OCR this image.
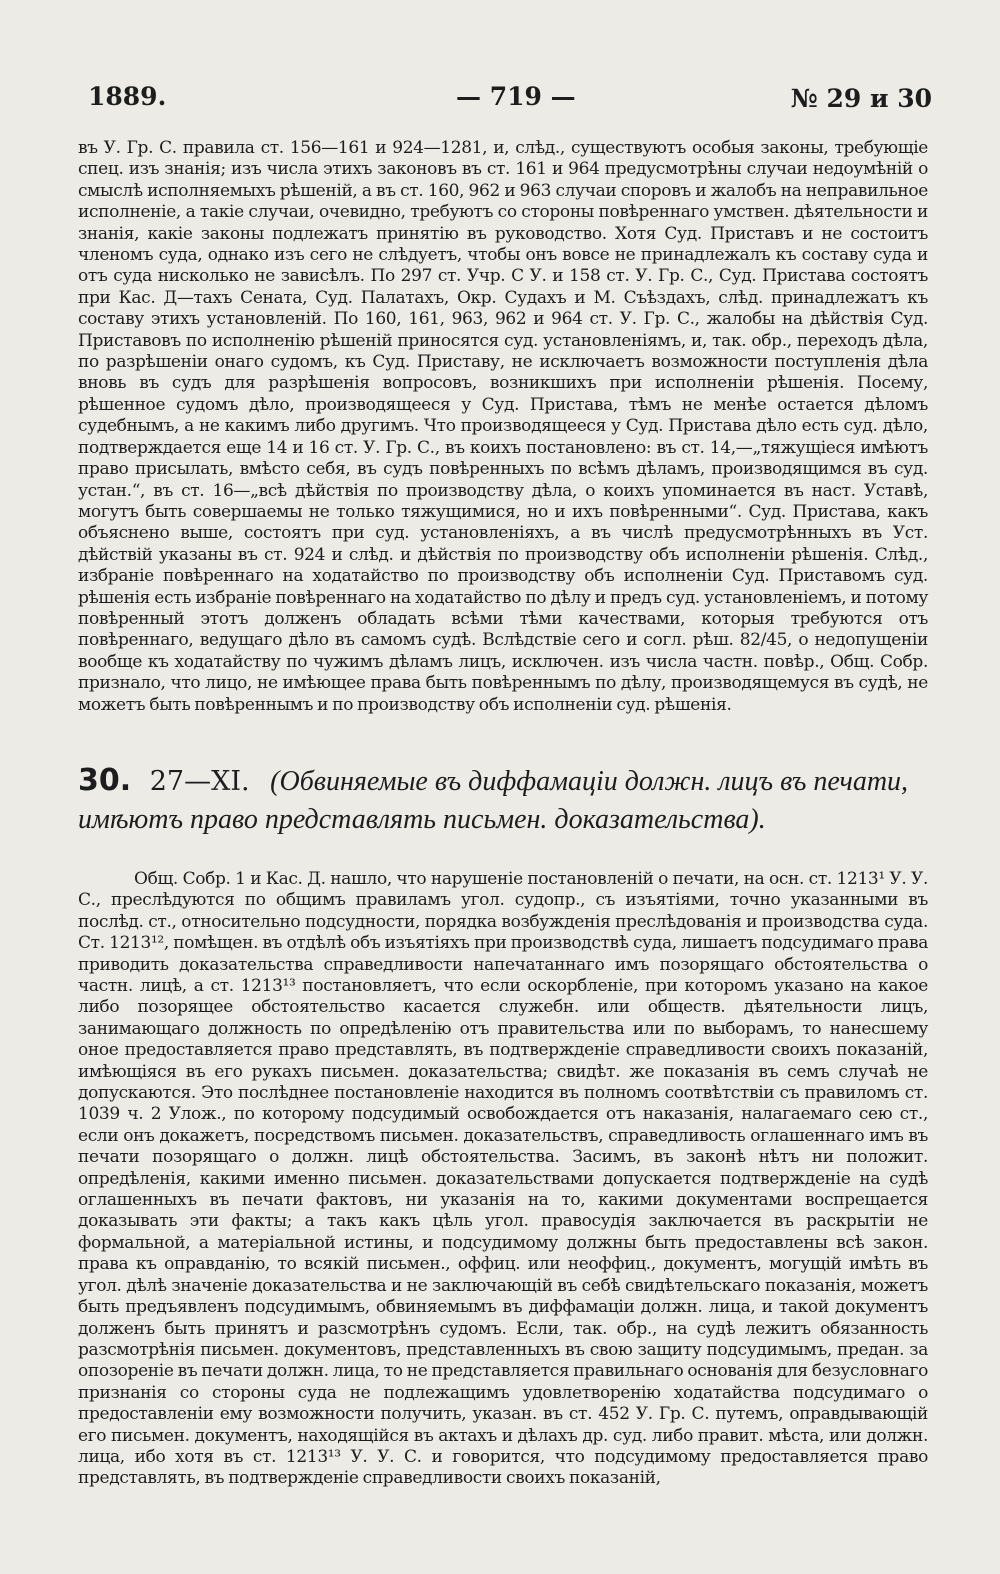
1889.	— 719 —	№ 29 и 30

въ У. Гр. С. правила ст. 156—161 и 924—1281, и, слѣд., существуютъ особыя законы, требующіе спец. изъ знанія; изъ числа этихъ законовъ въ ст. 161 и 964 предусмотрѣны случаи недоумѣній о смыслѣ исполняемыхъ рѣшеній, а въ ст. 160, 962 и 963 случаи споровъ и жалобъ на неправильное исполненіе, а такіе случаи, очевидно, требуютъ со стороны повѣреннаго умствен. дѣятельности и знанія, какіе законы подлежатъ принятію въ руководство. Хотя Суд. Приставъ и не состоитъ членомъ суда, однако изъ сего не слѣдуетъ, чтобы онъ вовсе не принадлежалъ къ составу суда и отъ суда нисколько не зависѣлъ. По 297 ст. Учр. С У. и 158 ст. У. Гр. С., Суд. Пристава состоятъ при Кас. Д—тахъ Сената, Суд. Палатахъ, Окр. Судахъ и М. Съѣздахъ, слѣд. принадлежатъ къ составу этихъ установленій. По 160, 161, 963, 962 и 964 ст. У. Гр. С., жалобы на дѣйствія Суд. Приставовъ по исполненію рѣшеній приносятся суд. установленіямъ, и, так. обр., переходъ дѣла, по разрѣшеніи онаго судомъ, къ Суд. Приставу, не исключаетъ возможности поступленія дѣла вновь въ судъ для разрѣшенія вопросовъ, возникшихъ при исполненіи рѣшенія. Посему, рѣшенное судомъ дѣло, производящееся у Суд. Пристава, тѣмъ не менѣе остается дѣломъ судебнымъ, а не какимъ либо другимъ. Что производящееся у Суд. Пристава дѣло есть суд. дѣло, подтверждается еще 14 и 16 ст. У. Гр. С., въ коихъ постановлено: въ ст. 14,—„тяжущіеся имѣютъ право присылать, вмѣсто себя, въ судъ повѣренныхъ по всѣмъ дѣламъ, производящимся въ суд. устан.“, въ ст. 16—„всѣ дѣйствія по производству дѣла, о коихъ упоминается въ наст. Уставѣ, могутъ быть совершаемы не только тяжущимися, но и ихъ повѣренными“. Суд. Пристава, какъ объяснено выше, состоятъ при суд. установленіяхъ, а въ числѣ предусмотрѣнныхъ въ Уст. дѣйствій указаны въ ст. 924 и слѣд. и дѣйствія по производству объ исполненіи рѣшенія. Слѣд., избраніе повѣреннаго на ходатайство по производству объ исполненіи Суд. Приставомъ суд. рѣшенія есть избраніе повѣреннаго на ходатайство по дѣлу и предъ суд. установленіемъ, и потому повѣренный этотъ долженъ обладать всѣми тѣми качествами, которыя требуются отъ повѣреннаго, ведущаго дѣло въ самомъ судѣ. Вслѣдствіе сего и согл. рѣш. 82/45, о недопущеніи вообще къ ходатайству по чужимъ дѣламъ лицъ, исключен. изъ числа частн. повѣр., Общ. Собр. признало, что лицо, не имѣющее права быть повѣреннымъ по дѣлу, производящемуся въ судѣ, не можетъ быть повѣреннымъ и по производству объ исполненіи суд. рѣшенія.

30. 27—XI. (Обвиняемые въ диффамаціи должн. лицъ въ печати, имѣютъ право представлять письмен. доказательства).

Общ. Собр. 1 и Кас. Д. нашло, что нарушеніе постановленій о печати, на осн. ст. 1213¹ У. У. С., преслѣдуются по общимъ правиламъ угол. судопр., съ изъятіями, точно указанными въ послѣд. ст., относительно подсудности, порядка возбужденія преслѣдованія и производства суда. Ст. 1213¹², помѣщен. въ отдѣлѣ объ изъятіяхъ при производствѣ суда, лишаетъ подсудимаго права приводить доказательства справедливости напечатаннаго имъ позорящаго обстоятельства о частн. лицѣ, а ст. 1213¹³ постановляетъ, что если оскорбленіе, при которомъ указано на какое либо позорящее обстоятельство касается служебн. или обществ. дѣятельности лицъ, занимающаго должность по опредѣленію отъ правительства или по выборамъ, то нанесшему оное предоставляется право представлять, въ подтвержденіе справедливости своихъ показаній, имѣющіяся въ его рукахъ письмен. доказательства; свидѣт. же показанія въ семъ случаѣ не допускаются. Это послѣднее постановленіе находится въ полномъ соотвѣтствіи съ правиломъ ст. 1039 ч. 2 Улож., по которому подсудимый освобождается отъ наказанія, налагаемаго сею ст., если онъ докажетъ, посредствомъ письмен. доказательствъ, справедливость оглашеннаго имъ въ печати позорящаго о должн. лицѣ обстоятельства. Засимъ, въ законѣ нѣтъ ни положит. опредѣленія, какими именно письмен. доказательствами допускается подтвержденіе на судѣ оглашенныхъ въ печати фактовъ, ни указанія на то, какими документами воспрещается доказывать эти факты; а такъ какъ цѣль угол. правосудія заключается въ раскрытіи не формальной, а матеріальной истины, и подсудимому должны быть предоставлены всѣ закон. права къ оправданію, то всякій письмен., оффиц. или неоффиц., документъ, могущій имѣть въ угол. дѣлѣ значеніе доказательства и не заключающій въ себѣ свидѣтельскаго показанія, можетъ быть предъявленъ подсудимымъ, обвиняемымъ въ диффамаціи должн. лица, и такой документъ долженъ быть принятъ и разсмотрѣнъ судомъ. Если, так. обр., на судѣ лежитъ обязанность разсмотрѣнія письмен. документовъ, представленныхъ въ свою защиту подсудимымъ, предан. за опозореніе въ печати должн. лица, то не представляется правильнаго основанія для безусловнаго признанія со стороны суда не подлежащимъ удовлетворенію ходатайства подсудимаго о предоставленіи ему возможности получить, указан. въ ст. 452 У. Гр. С. путемъ, оправдывающій его письмен. документъ, находящійся въ актахъ и дѣлахъ др. суд. либо правит. мѣста, или должн. лица, ибо хотя въ ст. 1213¹³ У. У. С. и говорится, что подсудимому предоставляется право представлять, въ подтвержденіе справедливости своихъ показаній,
